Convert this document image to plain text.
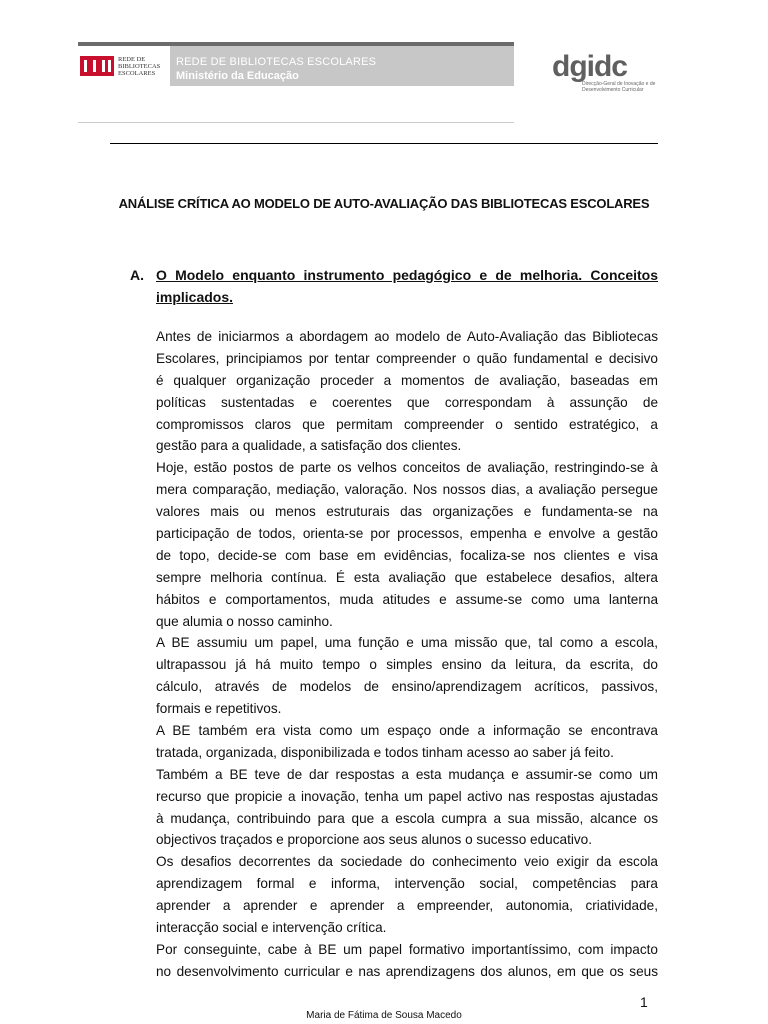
REDE DE
BIBLIOTECAS
ESCOLARES
REDE DE BIBLIOTECAS ESCOLARES
Ministério da Educação	dgidc
Direcção-Geral de Inovação e de Desenvolvimento Curricular
ANÁLISE CRÍTICA AO MODELO DE AUTO-AVALIAÇÃO DAS BIBLIOTECAS ESCOLARES
A. O Modelo enquanto instrumento pedagógico e de melhoria. Conceitos
implicados.
Antes de iniciarmos a abordagem ao modelo de Auto-Avaliação das Bibliotecas
Escolares, principiamos por tentar compreender o quão fundamental e decisivo
é qualquer organização proceder a momentos de avaliação, baseadas em
políticas sustentadas e coerentes que correspondam à assunção de
compromissos claros que permitam compreender o sentido estratégico, a
gestão para a qualidade, a satisfação dos clientes.
Hoje, estão postos de parte os velhos conceitos de avaliação, restringindo-se à
mera comparação, mediação, valoração. Nos nossos dias, a avaliação persegue
valores mais ou menos estruturais das organizações e fundamenta-se na
participação de todos, orienta-se por processos, empenha e envolve a gestão
de topo, decide-se com base em evidências, focaliza-se nos clientes e visa
sempre melhoria contínua. É esta avaliação que estabelece desafios, altera
hábitos e comportamentos, muda atitudes e assume-se como uma lanterna
que alumia o nosso caminho.
A BE assumiu um papel, uma função e uma missão que, tal como a escola,
ultrapassou já há muito tempo o simples ensino da leitura, da escrita, do
cálculo, através de modelos de ensino/aprendizagem acríticos, passivos,
formais e repetitivos.
A BE também era vista como um espaço onde a informação se encontrava
tratada, organizada, disponibilizada e todos tinham acesso ao saber já feito.
Também a BE teve de dar respostas a esta mudança e assumir-se como um
recurso que propicie a inovação, tenha um papel activo nas respostas ajustadas
à mudança, contribuindo para que a escola cumpra a sua missão, alcance os
objectivos traçados e proporcione aos seus alunos o sucesso educativo.
Os desafios decorrentes da sociedade do conhecimento veio exigir da escola
aprendizagem formal e informa, intervenção social, competências para
aprender a aprender e aprender a empreender, autonomia, criatividade,
interacção social e intervenção crítica.
Por conseguinte, cabe à BE um papel formativo importantíssimo, com impacto
no desenvolvimento curricular e nas aprendizagens dos alunos, em que os seus
1
Maria de Fátima de Sousa Macedo
